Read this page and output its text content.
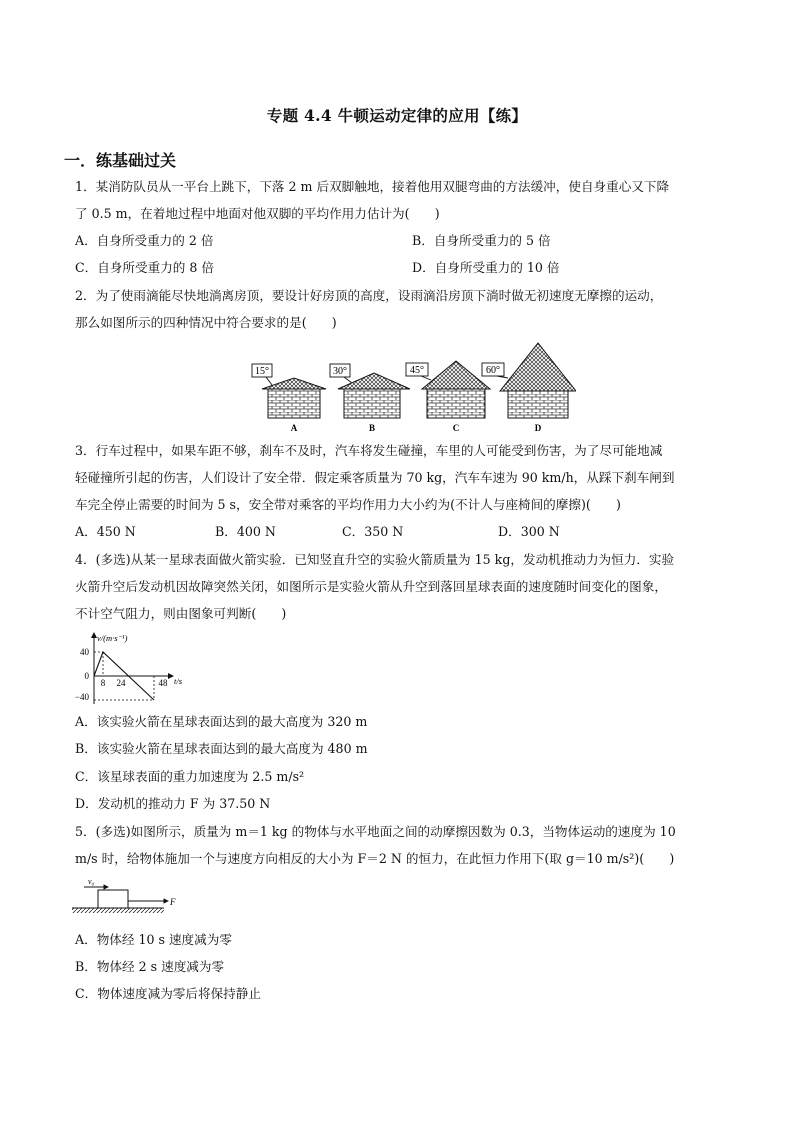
专题 4.4 牛顿运动定律的应用【练】
一．练基础过关
1．某消防队员从一平台上跳下，下落 2 m 后双脚触地，接着他用双腿弯曲的方法缓冲，使自身重心又下降
了 0.5 m，在着地过程中地面对他双脚的平均作用力估计为(　　)
A．自身所受重力的 2 倍	B．自身所受重力的 5 倍
C．自身所受重力的 8 倍	D．自身所受重力的 10 倍
2．为了使雨滴能尽快地淌离房顶，要设计好房顶的高度，设雨滴沿房顶下淌时做无初速度无摩擦的运动，
那么如图所示的四种情况中符合要求的是(　　)
15°
A
30°
B
45°
C
60°
D
3．行车过程中，如果车距不够，刹车不及时，汽车将发生碰撞，车里的人可能受到伤害，为了尽可能地减
轻碰撞所引起的伤害，人们设计了安全带．假定乘客质量为 70 kg，汽车车速为 90 km/h，从踩下刹车闸到
车完全停止需要的时间为 5 s，安全带对乘客的平均作用力大小约为(不计人与座椅间的摩擦)(　　)
A．450 N	B．400 N	C．350 N	D．300 N
4．(多选)从某一星球表面做火箭实验．已知竖直升空的实验火箭质量为 15 kg，发动机推动力为恒力．实验
火箭升空后发动机因故障突然关闭，如图所示是实验火箭从升空到落回星球表面的速度随时间变化的图象，
不计空气阻力，则由图象可判断(　　)
v/(m·s⁻¹)
t/s
40
0
−40
8 24	48
A．该实验火箭在星球表面达到的最大高度为 320 m
B．该实验火箭在星球表面达到的最大高度为 480 m
C．该星球表面的重力加速度为 2.5 m/s²
D．发动机的推动力 F 为 37.50 N
5．(多选)如图所示，质量为 m＝1 kg 的物体与水平地面之间的动摩擦因数为 0.3，当物体运动的速度为 10
m/s 时，给物体施加一个与速度方向相反的大小为 F＝2 N 的恒力，在此恒力作用下(取 g＝10 m/s²)(　　)
v₀
F
A．物体经 10 s 速度减为零
B．物体经 2 s 速度减为零
C．物体速度减为零后将保持静止
